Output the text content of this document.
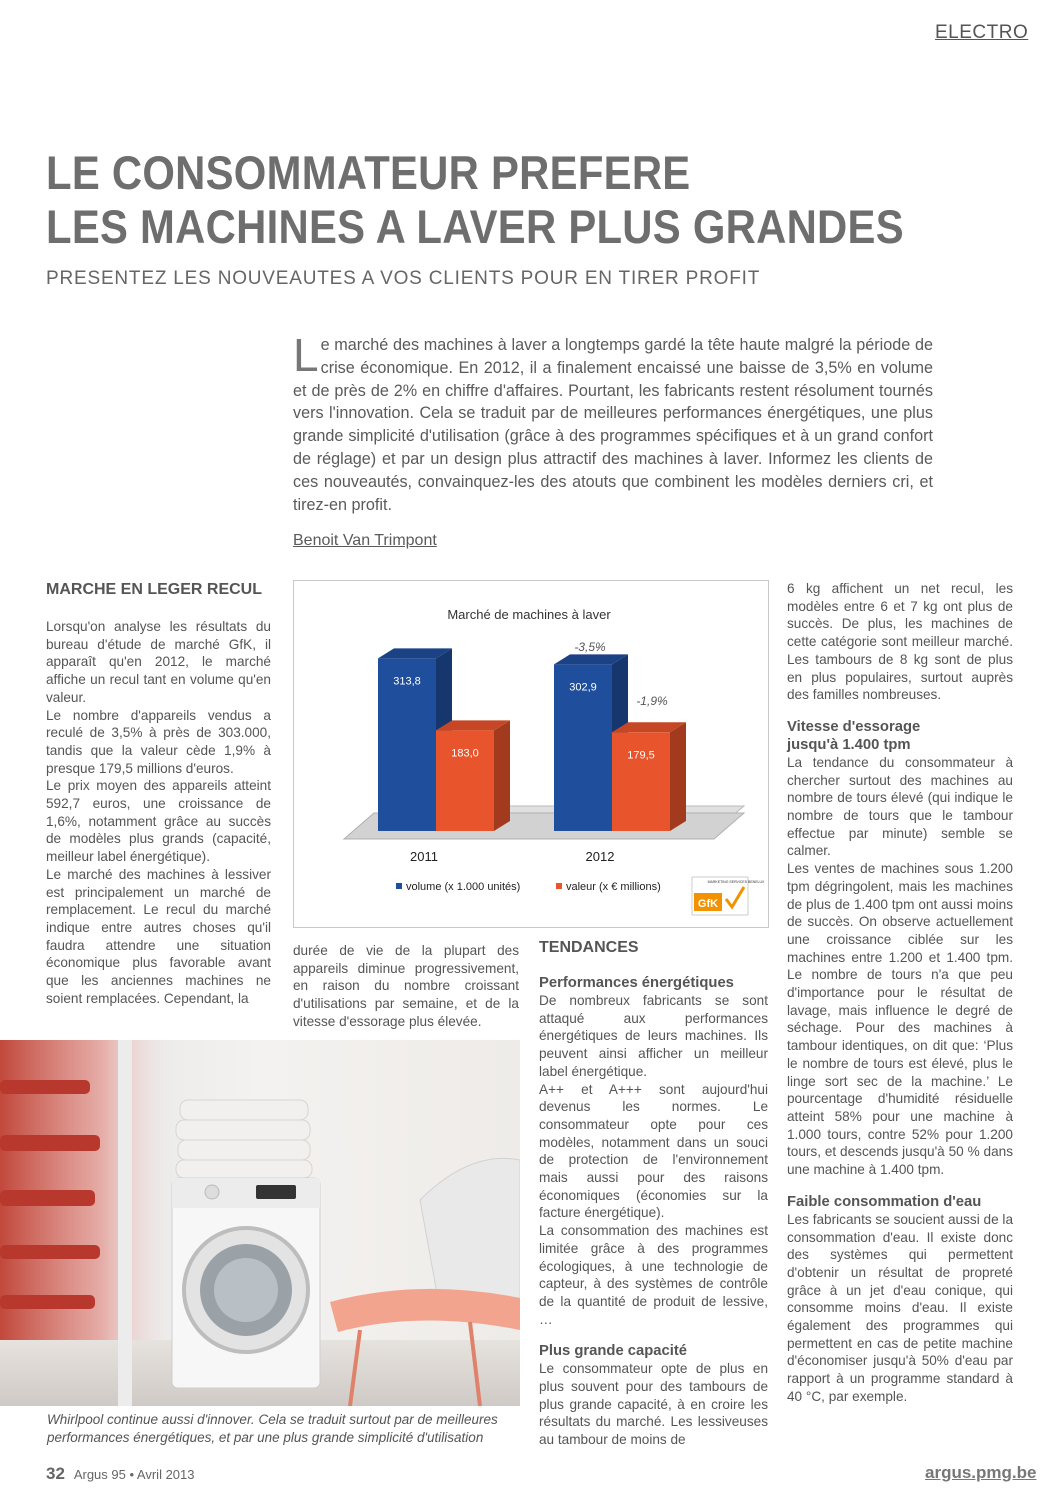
ELECTRO
LE CONSOMMATEUR PREFERE
LES MACHINES A LAVER PLUS GRANDES
PRESENTEZ LES NOUVEAUTES A VOS CLIENTS POUR EN TIRER PROFIT
L e marché des machines à laver a longtemps gardé la tête haute malgré la période de crise économique. En 2012, il a finalement encaissé une baisse de 3,5% en volume et de près de 2% en chiffre d'affaires. Pourtant, les fabricants restent résolument tournés vers l'innovation. Cela se traduit par de meilleures performances énergétiques, une plus grande simplicité d'utilisation (grâce à des programmes spécifiques et à un grand confort de réglage) et par un design plus attractif des machines à laver. Informez les clients de ces nouveautés, convainquez-les des atouts que combinent les modèles derniers cri, et tirez-en profit.

Benoit Van Trimpont
MARCHE EN LEGER RECUL

Lorsqu'on analyse les résultats du bureau d'étude de marché GfK, il apparaît qu'en 2012, le marché affiche un recul tant en volume qu'en valeur.

Le nombre d'appareils vendus a reculé de 3,5% à près de 303.000, tandis que la valeur cède 1,9% à presque 179,5 millions d'euros.

Le prix moyen des appareils atteint 592,7 euros, une croissance de 1,6%, notamment grâce au succès de modèles plus grands (capacité, meilleur label énergétique).

Le marché des machines à lessiver est principalement un marché de remplacement. Le recul du marché indique entre autres choses qu'il faudra attendre une situation économique plus favorable avant que les anciennes machines ne soient remplacées. Cependant, la

Marché de machines à laver
313,8
183,0
2011
302,9
179,5
2012
-3,5%
-1,9%
volume (x 1.000 unités)	valeur (x € millions)
GfK
MARKETING SERVICES BENELUX

durée de vie de la plupart des appareils diminue progressivement, en raison du nombre croissant d'utilisations par semaine, et de la vitesse d'essorage plus élevée.

TENDANCES
Performances énergétiques

De nombreux fabricants se sont attaqué aux performances énergétiques de leurs machines. Ils peuvent ainsi afficher un meilleur label énergétique.

A++ et A+++ sont aujourd'hui devenus les normes. Le consommateur opte pour ces modèles, notamment dans un souci de protection de l'environnement mais aussi pour des raisons économiques (économies sur la facture énergétique).

La consommation des machines est limitée grâce à des programmes écologiques, à une technologie de capteur, à des systèmes de contrôle de la quantité de produit de lessive, …

Plus grande capacité

Le consommateur opte de plus en plus souvent pour des tambours de plus grande capacité, à en croire les résultats du marché. Les lessiveuses au tambour de moins de

6 kg affichent un net recul, les modèles entre 6 et 7 kg ont plus de succès. De plus, les machines de cette catégorie sont meilleur marché. Les tambours de 8 kg sont de plus en plus populaires, surtout auprès des familles nombreuses.

Vitesse d'essorage jusqu'à 1.400 tpm

La tendance du consommateur à chercher surtout des machines au nombre de tours élevé (qui indique le nombre de tours que le tambour effectue par minute) semble se calmer.

Les ventes de machines sous 1.200 tpm dégringolent, mais les machines de plus de 1.400 tpm ont aussi moins de succès. On observe actuellement une croissance ciblée sur les machines entre 1.200 et 1.400 tpm. Le nombre de tours n'a que peu d'importance pour le résultat de lavage, mais influence le degré de séchage. Pour des machines à tambour identiques, on dit que: ‘Plus le nombre de tours est élevé, plus le linge sort sec de la machine.’ Le pourcentage d'humidité résiduelle atteint 58% pour une machine à 1.000 tours, contre 52% pour 1.200 tours, et descends jusqu'à 50 % dans une machine à 1.400 tpm.

Faible consommation d'eau

Les fabricants se soucient aussi de la consommation d'eau. Il existe donc des systèmes qui permettent d'obtenir un résultat de propreté grâce à un jet d'eau conique, qui consomme moins d'eau. Il existe également des programmes qui permettent en cas de petite machine d'économiser jusqu'à 50% d'eau par rapport à un programme standard à 40 °C, par exemple.

Whirlpool continue aussi d'innover. Cela se traduit surtout par de meilleures performances énergétiques, et par une plus grande simplicité d'utilisation
32 Argus 95 • Avril 2013	argus.pmg.be
